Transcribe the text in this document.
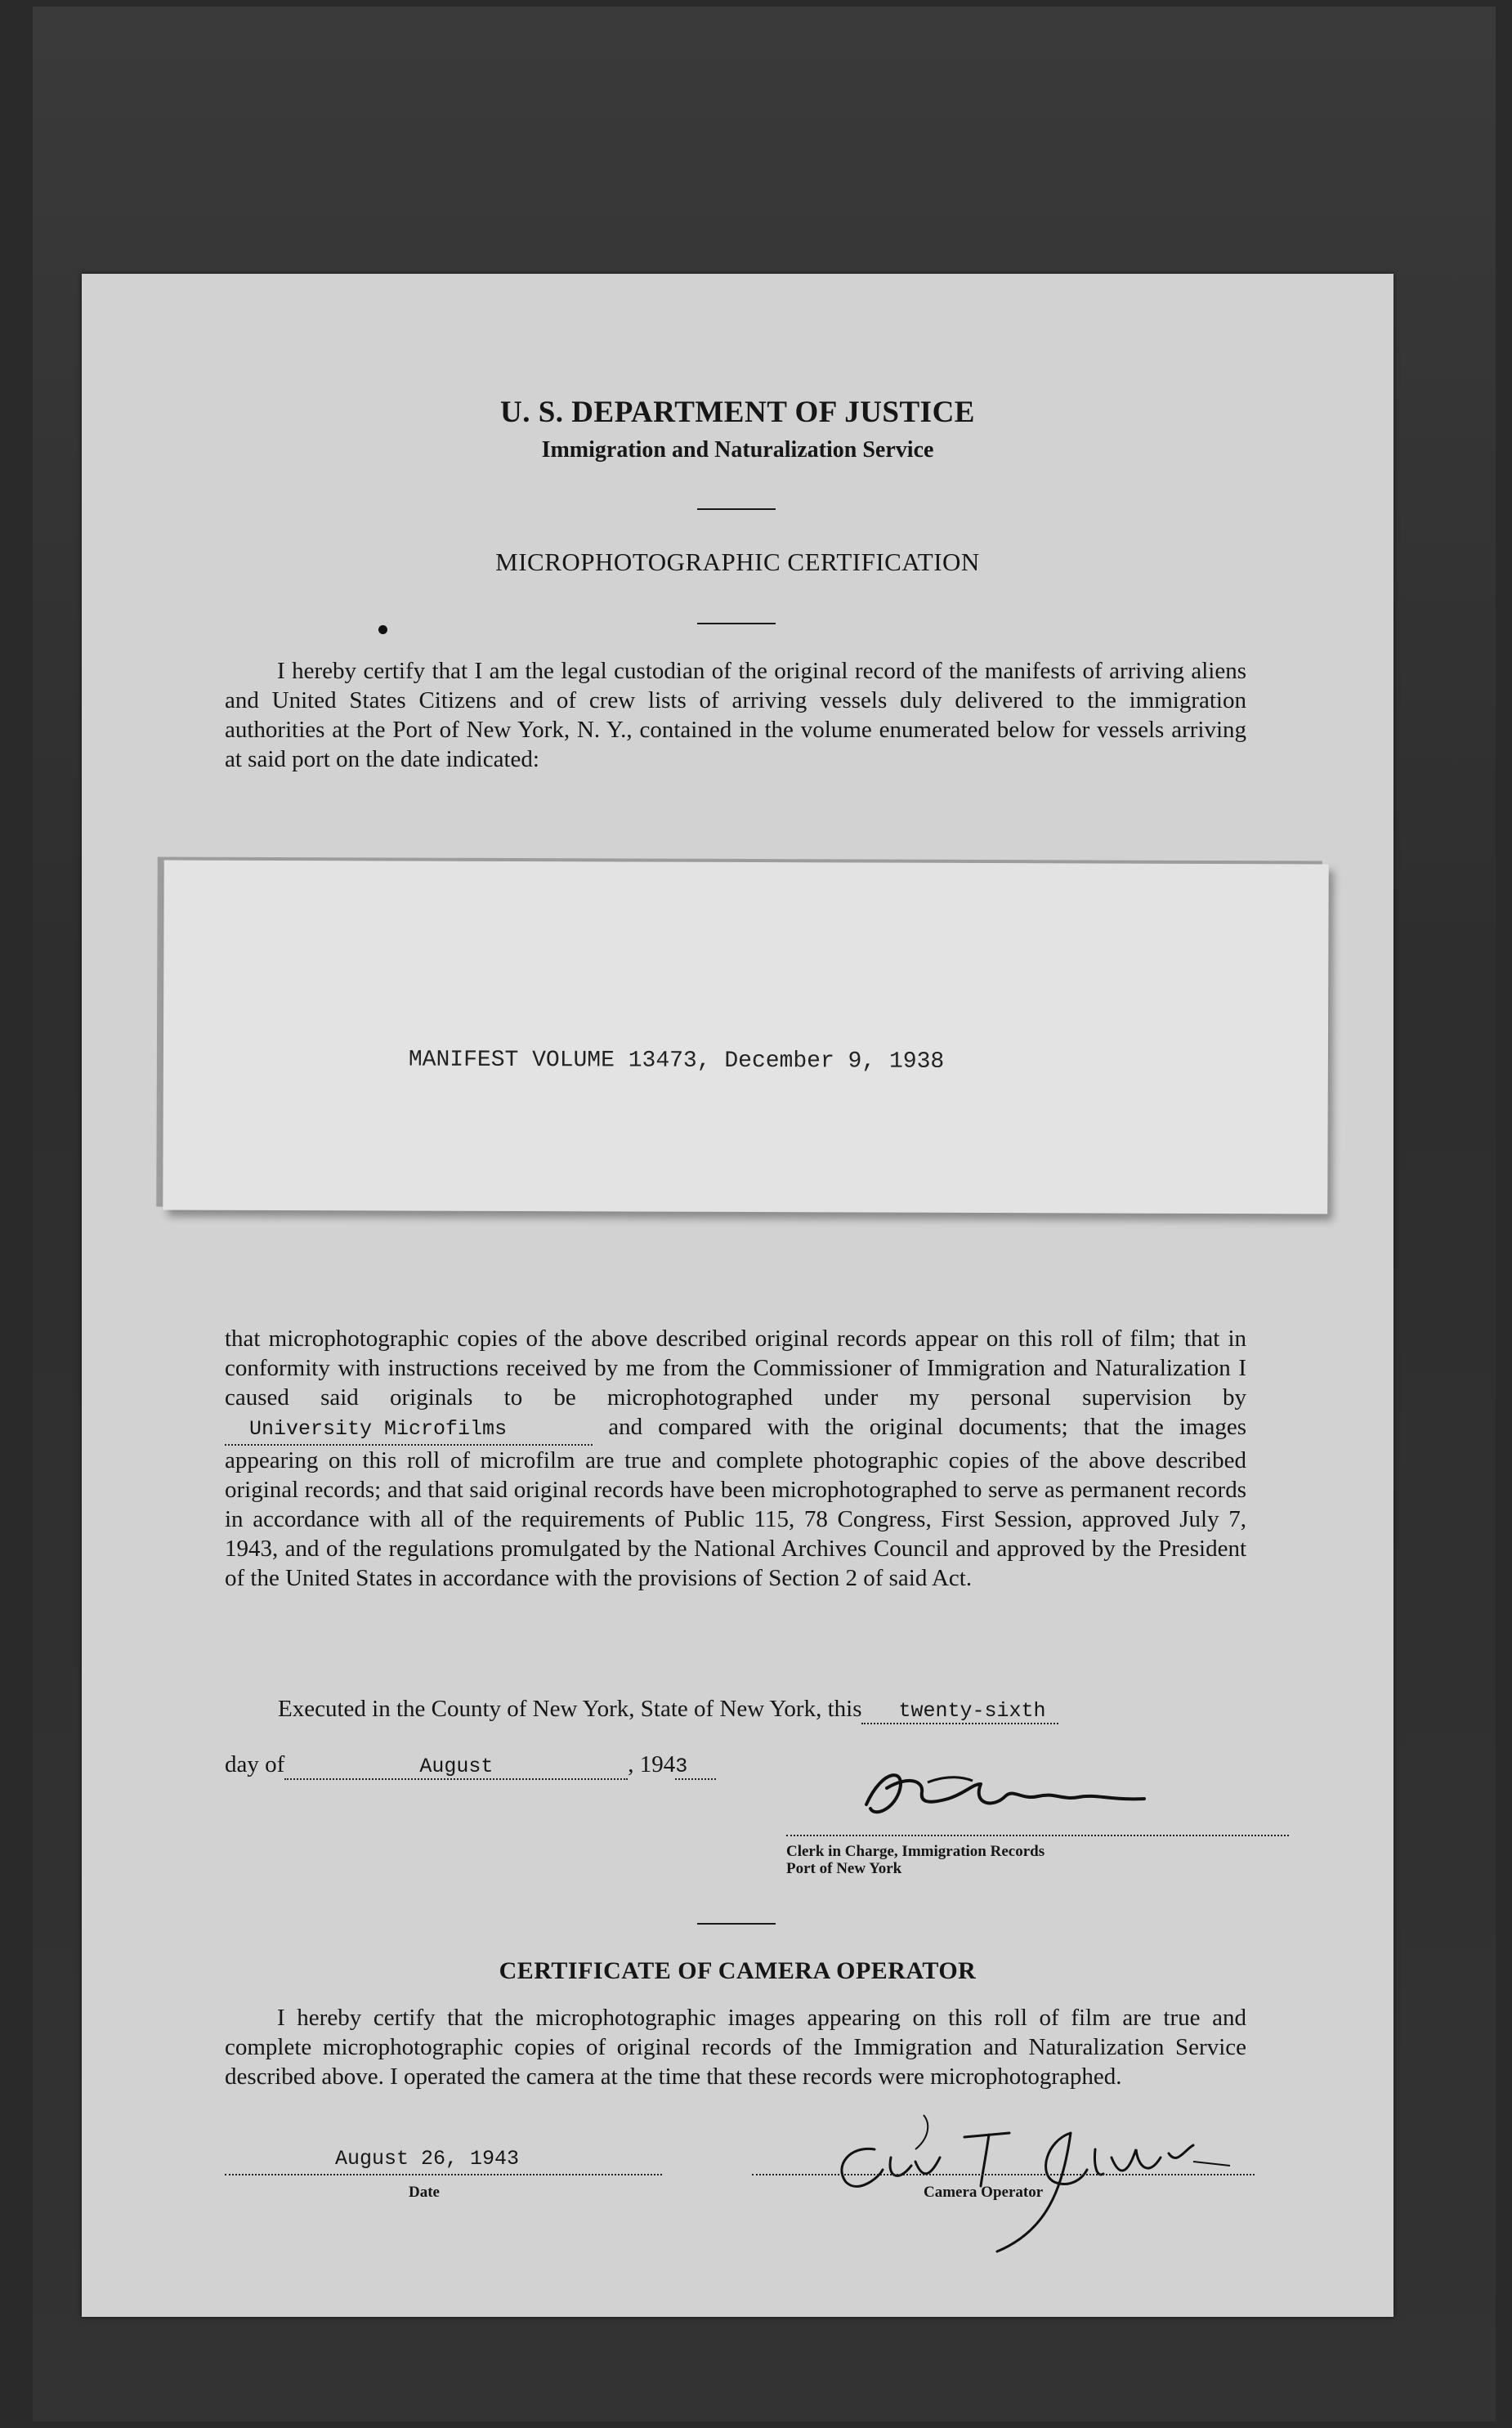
U. S. DEPARTMENT OF JUSTICE
Immigration and Naturalization Service
MICROPHOTOGRAPHIC CERTIFICATION
I hereby certify that I am the legal custodian of the original record of the manifests of arriving aliens and United States Citizens and of crew lists of arriving vessels duly delivered to the immigration authorities at the Port of New York, N. Y., contained in the volume enumerated below for vessels arriving at said port on the date indicated:
MANIFEST VOLUME 13473, December 9, 1938
that microphotographic copies of the above described original records appear on this roll of film; that in conformity with instructions received by me from the Commissioner of Immigration and Naturalization I caused said originals to be microphotographed under my personal supervision by  University Microfilms	and compared with the original documents; that the images appearing on this roll of microfilm are true and complete photographic copies of the above described original records; and that said original records have been microphotographed to serve as permanent records in accordance with all of the requirements of Public 115, 78 Congress, First Session, approved July 7, 1943, and of the regulations promulgated by the National Archives Council and approved by the President of the United States in accordance with the provisions of Section 2 of said Act.
Executed in the County of New York, State of New York, this twenty-sixth
day of	August	, 1943
Clerk in Charge, Immigration Records
Port of New York
CERTIFICATE OF CAMERA OPERATOR
I hereby certify that the microphotographic images appearing on this roll of film are true and complete microphotographic copies of original records of the Immigration and Naturalization Service described above. I operated the camera at the time that these records were microphotographed.
August 26, 1943
Date	Camera Operator
